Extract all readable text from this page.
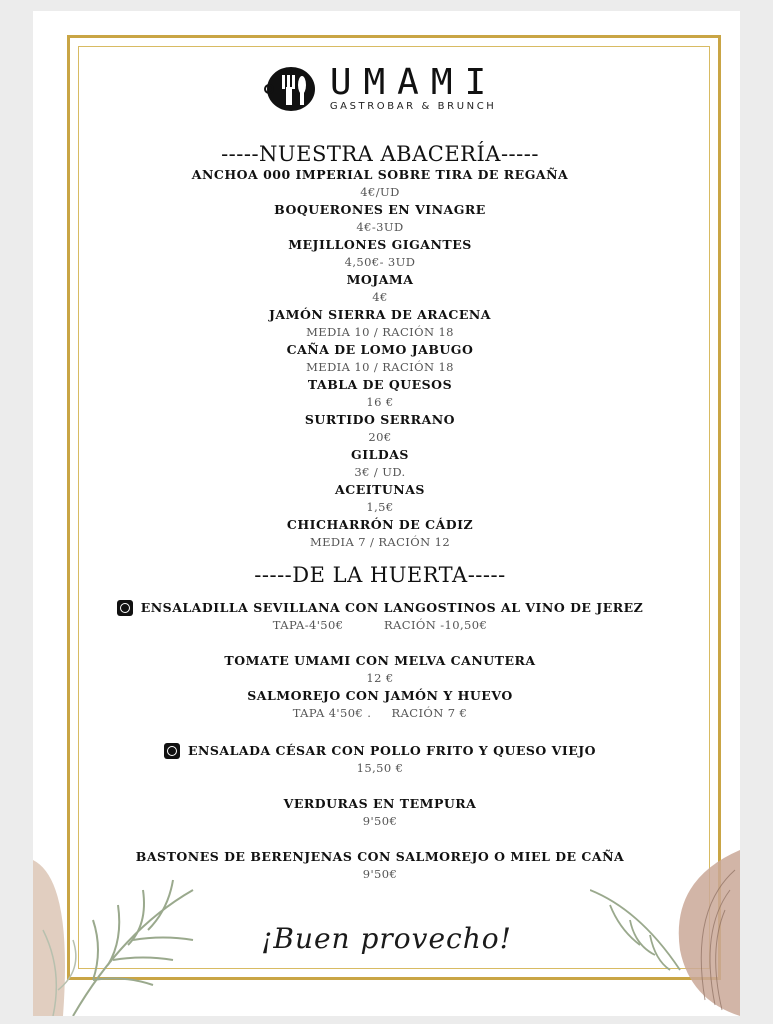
UMAMI
GASTROBAR & BRUNCH
-----NUESTRA ABACERÍA-----
ANCHOA 000 IMPERIAL SOBRE TIRA DE REGAÑA
4€/UD
BOQUERONES EN VINAGRE
4€-3UD
MEJILLONES GIGANTES
4,50€- 3UD
MOJAMA
4€
JAMÓN SIERRA DE ARACENA
MEDIA 10 / RACIÓN 18
CAÑA DE LOMO JABUGO
MEDIA 10 / RACIÓN 18
TABLA DE QUESOS
16 €
SURTIDO SERRANO
20€
GILDAS
3€ / UD.
ACEITUNAS
1,5€
CHICHARRÓN DE CÁDIZ
MEDIA 7 / RACIÓN 12
-----DE LA HUERTA-----
ENSALADILLA SEVILLANA CON LANGOSTINOS AL VINO DE JEREZ
TAPA-4'50€          RACIÓN -10,50€
TOMATE UMAMI CON MELVA CANUTERA
12 €
SALMOREJO CON JAMÓN Y HUEVO
TAPA 4'50€ .     RACIÓN 7 €
ENSALADA CÉSAR CON POLLO FRITO Y QUESO VIEJO
15,50 €
VERDURAS EN TEMPURA
9'50€
BASTONES DE BERENJENAS CON SALMOREJO O MIEL DE CAÑA
9'50€
¡Buen provecho!
